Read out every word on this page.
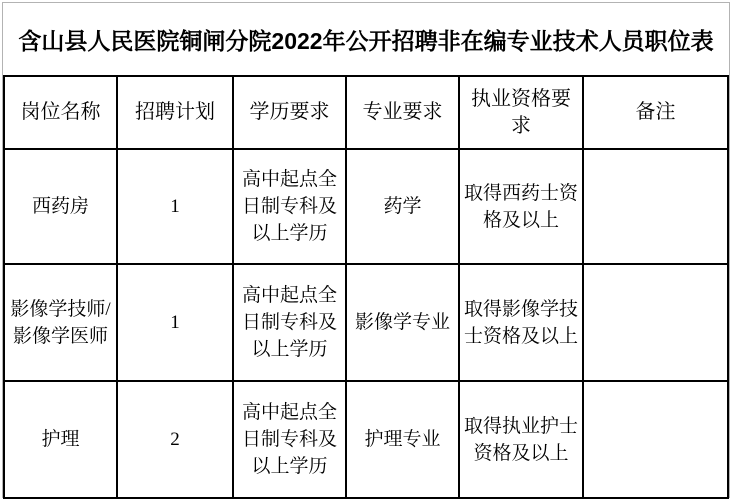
含山县人民医院铜闸分院2022年公开招聘非在编专业技术人员职位表
岗位名称	招聘计划	学历要求	专业要求	执业资格要求	备注
西药房	1	高中起点全日制专科及以上学历	药学	取得西药士资格及以上	
影像学技师/影像学医师	1	高中起点全日制专科及以上学历	影像学专业	取得影像学技士资格及以上	
护理	2	高中起点全日制专科及以上学历	护理专业	取得执业护士资格及以上	
